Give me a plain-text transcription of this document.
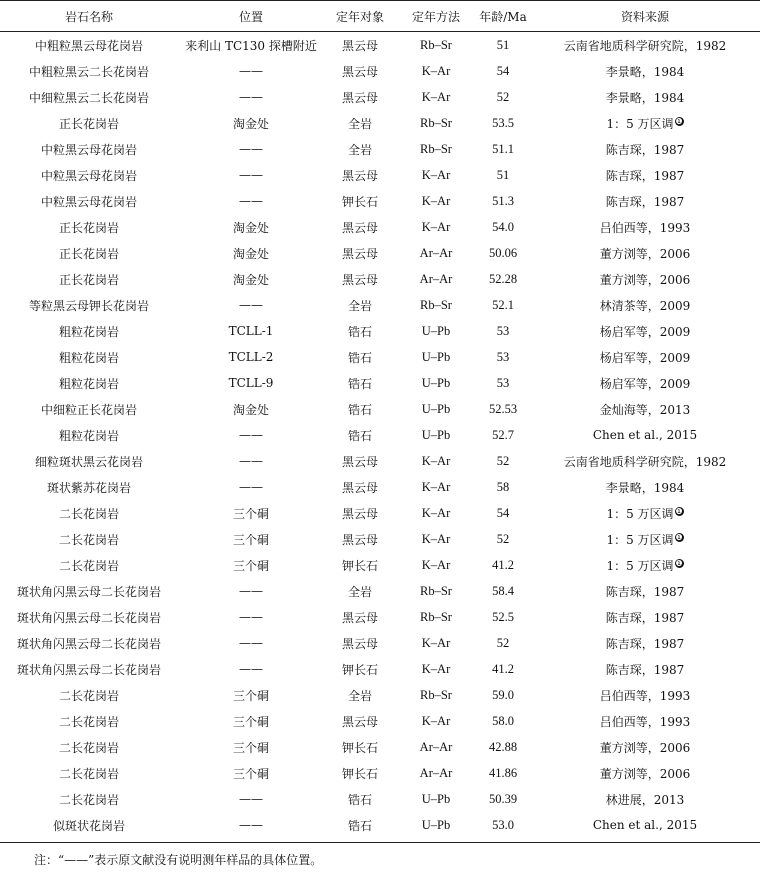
岩石名称	位置	定年对象	定年方法	年龄/Ma	资料来源
中粗粒黑云母花岗岩	来利山 TC130 探槽附近	黑云母	Rb–Sr	51	云南省地质科学研究院，1982
中粗粒黑云二长花岗岩	——	黑云母	K–Ar	54	李景略，1984
中细粒黑云二长花岗岩	——	黑云母	K–Ar	52	李景略，1984
正长花岗岩	淘金处	全岩	Rb–Sr	53.5	1：5 万区调 $^❶$
中粒黑云母花岗岩	——	全岩	Rb–Sr	51.1	陈吉琛，1987
中粒黑云母花岗岩	——	黑云母	K–Ar	51	陈吉琛，1987
中粒黑云母花岗岩	——	钾长石	K–Ar	51.3	陈吉琛，1987
正长花岗岩	淘金处	黑云母	K–Ar	54.0	吕伯西等，1993
正长花岗岩	淘金处	黑云母	Ar–Ar	50.06	董方浏等，2006
正长花岗岩	淘金处	黑云母	Ar–Ar	52.28	董方浏等，2006
等粒黑云母钾长花岗岩	——	全岩	Rb–Sr	52.1	林清茶等，2009
粗粒花岗岩	TCLL-1	锆石	U–Pb	53	杨启军等，2009
粗粒花岗岩	TCLL-2	锆石	U–Pb	53	杨启军等，2009
粗粒花岗岩	TCLL-9	锆石	U–Pb	53	杨启军等，2009
中细粒正长花岗岩	淘金处	锆石	U–Pb	52.53	金灿海等，2013
粗粒花岗岩	——	锆石	U–Pb	52.7	Chen et al., 2015
细粒斑状黑云花岗岩	——	黑云母	K–Ar	52	云南省地质科学研究院，1982
斑状紫苏花岗岩	——	黑云母	K–Ar	58	李景略，1984
二长花岗岩	三个硐	黑云母	K–Ar	54	1：5 万区调 $^❶$
二长花岗岩	三个硐	黑云母	K–Ar	52	1：5 万区调 $^❶$
二长花岗岩	三个硐	钾长石	K–Ar	41.2	1：5 万区调 $^❶$
斑状角闪黑云母二长花岗岩	——	全岩	Rb–Sr	58.4	陈吉琛，1987
斑状角闪黑云母二长花岗岩	——	黑云母	Rb–Sr	52.5	陈吉琛，1987
斑状角闪黑云母二长花岗岩	——	黑云母	K–Ar	52	陈吉琛，1987
斑状角闪黑云母二长花岗岩	——	钾长石	K–Ar	41.2	陈吉琛，1987
二长花岗岩	三个硐	全岩	Rb–Sr	59.0	吕伯西等，1993
二长花岗岩	三个硐	黑云母	K–Ar	58.0	吕伯西等，1993
二长花岗岩	三个硐	钾长石	Ar–Ar	42.88	董方浏等，2006
二长花岗岩	三个硐	钾长石	Ar–Ar	41.86	董方浏等，2006
二长花岗岩	——	锆石	U–Pb	50.39	林进展，2013
似斑状花岗岩	——	锆石	U–Pb	53.0	Chen et al., 2015
注：“——”表示原文献没有说明测年样品的具体位置。
